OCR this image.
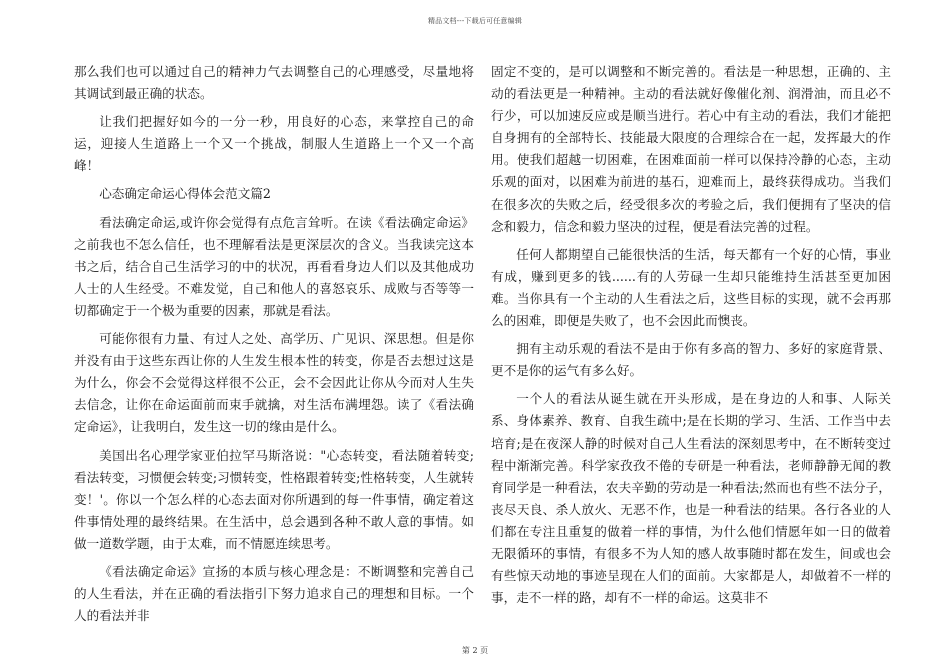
精品文档---下载后可任意编辑

那么我们也可以通过自己的精神力气去调整自己的心理感受，尽量地将其调试到最正确的状态。

让我们把握好如今的一分一秒，用良好的心态，来掌控自己的命运，迎接人生道路上一个又一个挑战，制服人生道路上一个又一个高峰！

心态确定命运心得体会范文篇2

看法确定命运,或许你会觉得有点危言耸听。在读《看法确定命运》之前我也不怎么信任，也不理解看法是更深层次的含义。当我读完这本书之后，结合自己生活学习的中的状况，再看看身边人们以及其他成功人士的人生经受。不难发觉，自己和他人的喜怒哀乐、成败与否等等一切都确定于一个极为重要的因素，那就是看法。

可能你很有力量、有过人之处、高学历、广见识、深思想。但是你并没有由于这些东西让你的人生发生根本性的转变，你是否去想过这是为什么，你会不会觉得这样很不公正，会不会因此让你从今而对人生失去信念，让你在命运面前而束手就擒，对生活布满埋怨。读了《看法确定命运》，让我明白，发生这一切的缘由是什么。

美国出名心理学家亚伯拉罕马斯洛说："心态转变，看法随着转变;看法转变，习惯便会转变;习惯转变，性格跟着转变;性格转变，人生就转变！'。你以一个怎么样的心态去面对你所遇到的每一件事情，确定着这件事情处理的最终结果。在生活中，总会遇到各种不敢人意的事情。如做一道数学题，由于太难，而不情愿连续思考。

《看法确定命运》宣扬的本质与核心理念是：不断调整和完善自己的人生看法，并在正确的看法指引下努力追求自己的理想和目标。一个人的看法并非

固定不变的，是可以调整和不断完善的。看法是一种思想，正确的、主动的看法更是一种精神。主动的看法就好像催化剂、润滑油，而且必不行少，可以加速反应或是顺当进行。若心中有主动的看法，我们才能把自身拥有的全部特长、技能最大限度的合理综合在一起，发挥最大的作用。使我们超越一切困难，在困难面前一样可以保持冷静的心态，主动乐观的面对，以困难为前进的基石，迎难而上，最终获得成功。当我们在很多次的失败之后，经受很多次的考验之后，我们便拥有了坚决的信念和毅力，信念和毅力坚决的过程，便是看法完善的过程。

任何人都期望自己能很快活的生活，每天都有一个好的心情，事业有成，赚到更多的钱......有的人劳碌一生却只能维持生活甚至更加困难。当你具有一个主动的人生看法之后，这些目标的实现，就不会再那么的困难，即便是失败了，也不会因此而懊丧。

拥有主动乐观的看法不是由于你有多高的智力、多好的家庭背景、更不是你的运气有多么好。

一个人的看法从诞生就在开头形成，是在身边的人和事、人际关系、身体素养、教育、自我生疏中;是在长期的学习、生活、工作当中去培育;是在夜深人静的时候对自己人生看法的深刻思考中，在不断转变过程中渐渐完善。科学家孜孜不倦的专研是一种看法，老师静静无闻的教育同学是一种看法，农夫辛勤的劳动是一种看法;然而也有些不法分子，丧尽天良、杀人放火、无恶不作，也是一种看法的结果。各行各业的人们都在专注且重复的做着一样的事情，为什么他们情愿年如一日的做着无限循环的事情，有很多不为人知的感人故事随时都在发生，间或也会有些惊天动地的事迹呈现在人们的面前。大家都是人，却做着不一样的事，走不一样的路，却有不一样的命运。这莫非不

第 2 页
